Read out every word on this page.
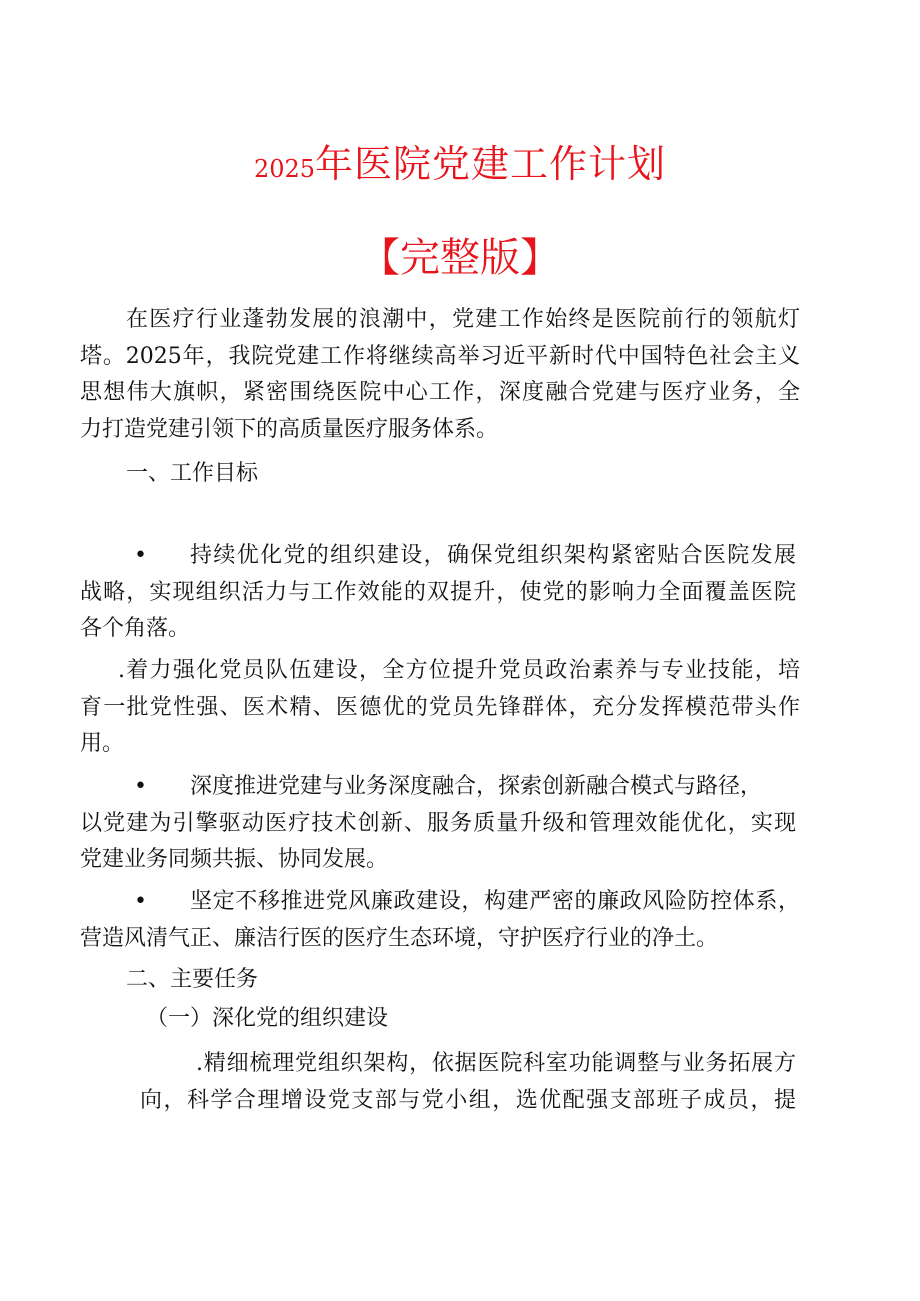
2025年医院党建工作计划
【完整版】
在医疗行业蓬勃发展的浪潮中，党建工作始终是医院前行的领航灯
塔。2025年，我院党建工作将继续高举习近平新时代中国特色社会主义
思想伟大旗帜，紧密围绕医院中心工作，深度融合党建与医疗业务，全
力打造党建引领下的高质量医疗服务体系。
一、工作目标
•	持续优化党的组织建设，确保党组织架构紧密贴合医院发展
战略，实现组织活力与工作效能的双提升，使党的影响力全面覆盖医院
各个角落。
.着力强化党员队伍建设，全方位提升党员政治素养与专业技能，培
育一批党性强、医术精、医德优的党员先锋群体，充分发挥模范带头作
用。
•	深度推进党建与业务深度融合，探索创新融合模式与路径，
以党建为引擎驱动医疗技术创新、服务质量升级和管理效能优化，实现
党建业务同频共振、协同发展。
•	坚定不移推进党风廉政建设，构建严密的廉政风险防控体系，
营造风清气正、廉洁行医的医疗生态环境，守护医疗行业的净土。
二、主要任务
（一）深化党的组织建设
.精细梳理党组织架构，依据医院科室功能调整与业务拓展方
向，科学合理增设党支部与党小组，选优配强支部班子成员，提
